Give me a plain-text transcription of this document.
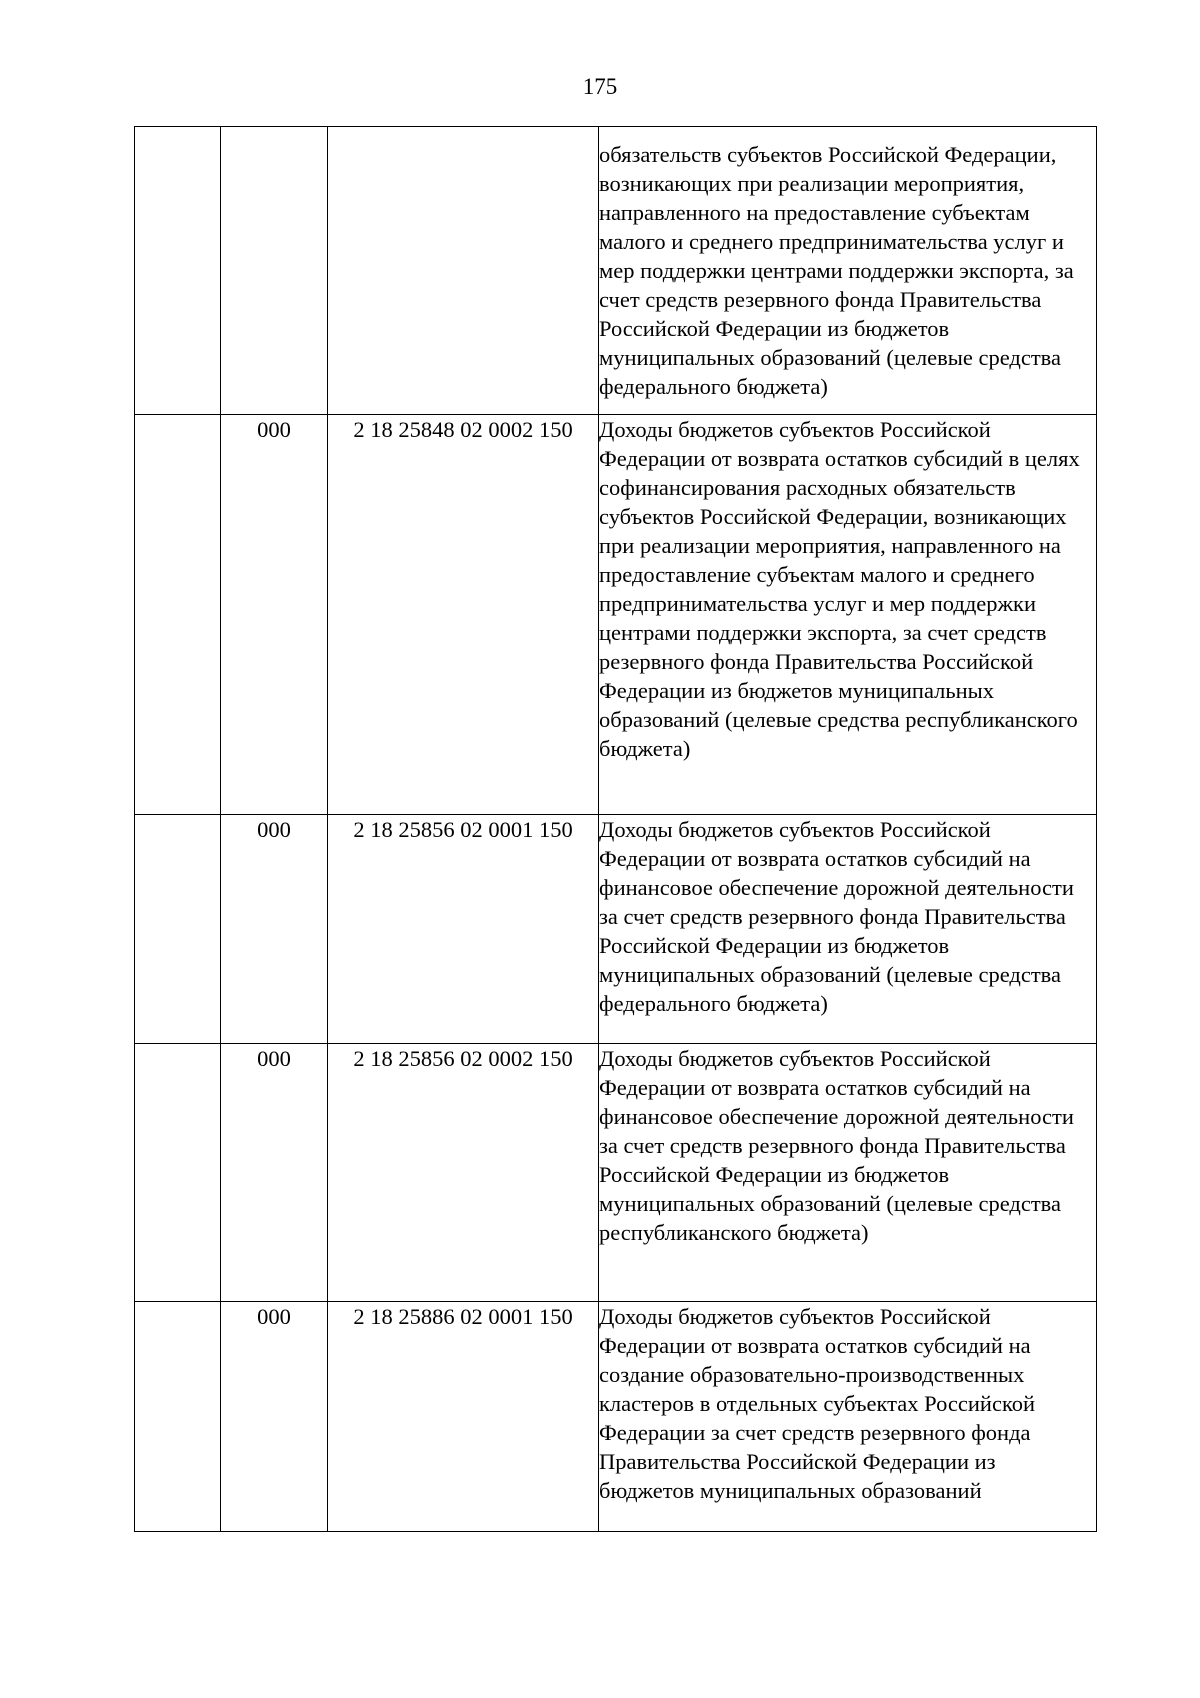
175
			обязательств субъектов Российской Федерации, возникающих при реализации мероприятия, направленного на предоставление субъектам малого и среднего предпринимательства услуг и мер поддержки центрами поддержки экспорта, за счет средств резервного фонда Правительства Российской Федерации из бюджетов муниципальных образований (целевые средства федерального бюджета)
	000	2 18 25848 02 0002 150	Доходы бюджетов субъектов Российской Федерации от возврата остатков субсидий в целях софинансирования расходных обязательств субъектов Российской Федерации, возникающих при реализации мероприятия, направленного на предоставление субъектам малого и среднего предпринимательства услуг и мер поддержки центрами поддержки экспорта, за счет средств резервного фонда Правительства Российской Федерации из бюджетов муниципальных образований (целевые средства республиканского бюджета)
	000	2 18 25856 02 0001 150	Доходы бюджетов субъектов Российской Федерации от возврата остатков субсидий на финансовое обеспечение дорожной деятельности за счет средств резервного фонда Правительства Российской Федерации из бюджетов муниципальных образований (целевые средства федерального бюджета)
	000	2 18 25856 02 0002 150	Доходы бюджетов субъектов Российской Федерации от возврата остатков субсидий на финансовое обеспечение дорожной деятельности за счет средств резервного фонда Правительства Российской Федерации из бюджетов муниципальных образований (целевые средства республиканского бюджета)
	000	2 18 25886 02 0001 150	Доходы бюджетов субъектов Российской Федерации от возврата остатков субсидий на создание образовательно-производственных кластеров в отдельных субъектах Российской Федерации за счет средств резервного фонда Правительства Российской Федерации из бюджетов муниципальных образований
